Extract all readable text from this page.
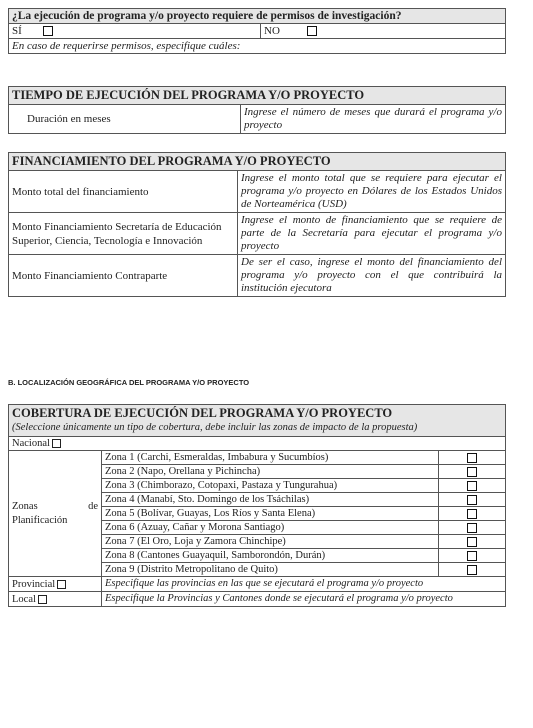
¿La ejecución de programa y/o proyecto requiere de permisos de investigación?
SÍ	NO
En caso de requerirse permisos, especifique cuáles:
TIEMPO DE EJECUCIÓN DEL PROGRAMA Y/O PROYECTO
Duración en meses	Ingrese el número de meses que durará el programa y/o proyecto
FINANCIAMIENTO DEL PROGRAMA Y/O PROYECTO	
Monto total del financiamiento	Ingrese el monto total que se requiere para ejecutar el programa y/o proyecto en Dólares de los Estados Unidos de Norteamérica (USD)
Monto Financiamiento Secretaría de Educación Superior, Ciencia, Tecnología e Innovación	Ingrese el monto de financiamiento que se requiere de parte de la Secretaría para ejecutar el programa y/o proyecto
Monto Financiamiento Contraparte	De ser el caso, ingrese el monto del financiamiento del programa y/o proyecto con el que contribuirá la institución ejecutora
B. LOCALIZACIÓN GEOGRÁFICA DEL PROGRAMA Y/O PROYECTO
COBERTURA DE EJECUCIÓN DEL PROGRAMA Y/O PROYECTO
(Seleccione únicamente un tipo de cobertura, debe incluir las zonas de impacto de la propuesta)		

Nacional		
Zonas de Planificación	Zona 1 (Carchi, Esmeraldas, Imbabura y Sucumbíos)	
	Zona 2 (Napo, Orellana y Pichincha)	
	Zona 3 (Chimborazo, Cotopaxi, Pastaza y Tungurahua)	
	Zona 4 (Manabí, Sto. Domingo de los Tsáchilas)	
	Zona 5 (Bolívar, Guayas, Los Ríos y Santa Elena)	
	Zona 6 (Azuay, Cañar y Morona Santiago)	
	Zona 7 (El Oro, Loja y Zamora Chinchipe)	
	Zona 8 (Cantones Guayaquil, Samborondón, Durán)	
	Zona 9 (Distrito Metropolitano de Quito)	
Provincial	Especifique las provincias en las que se ejecutará el programa y/o proyecto	
Local	Especifique la Provincias y Cantones donde se ejecutará el programa y/o proyecto	
